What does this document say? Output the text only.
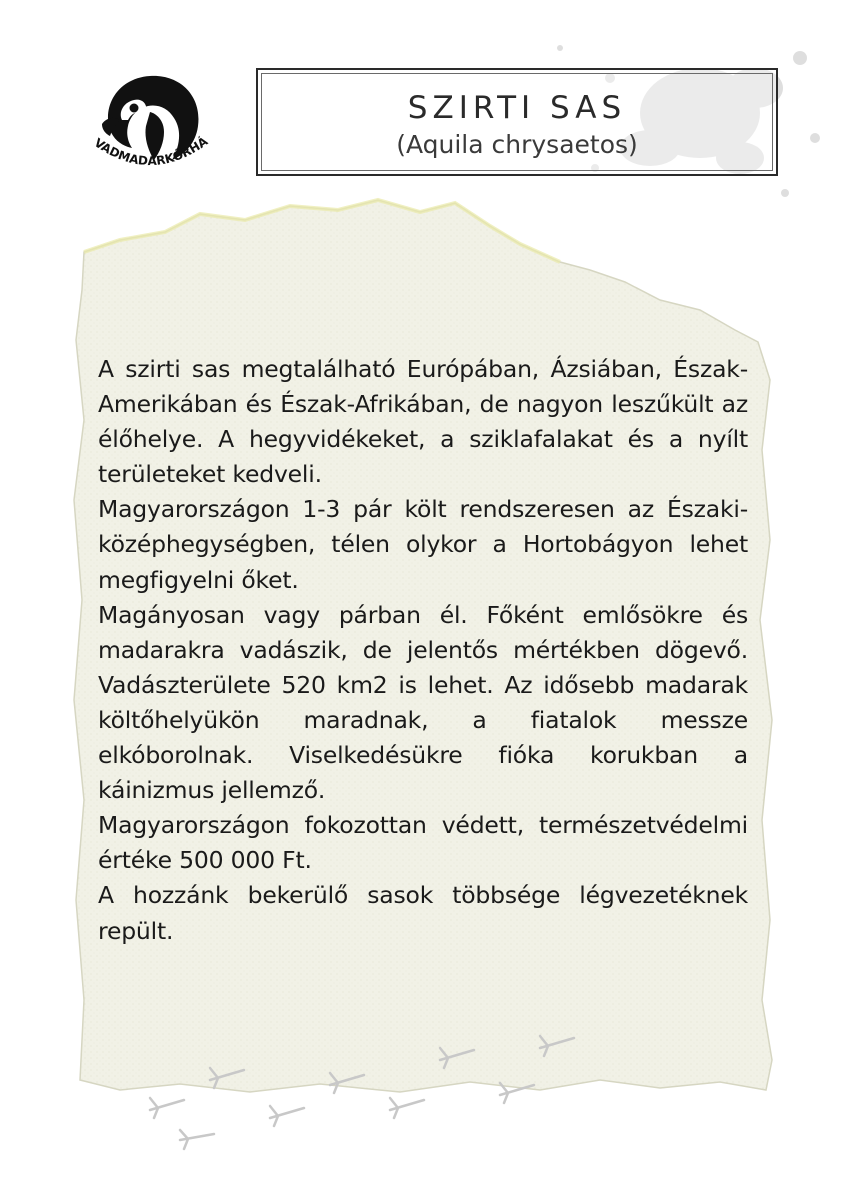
VADMADÁRKÓRHÁZ
SZIRTI SAS
(Aquila chrysaetos)

A szirti sas megtalálható Európában, Ázsiában, Észak-Amerikában és Észak-Afrikában, de nagyon leszűkült az élőhelye. A hegyvidékeket, a sziklafalakat és a nyílt területeket kedveli.

Magyarországon 1-3 pár költ rendszeresen az Északi-középhegységben, télen olykor a Hortobágyon lehet megfigyelni őket.

Magányosan vagy párban él. Főként emlősökre és madarakra vadászik, de jelentős mértékben dögevő. Vadászterülete 520 km2 is lehet. Az idősebb madarak költőhelyükön maradnak, a fiatalok messze elkóborolnak. Viselkedésükre fióka korukban a káinizmus jellemző.

Magyarországon fokozottan védett, természetvédelmi értéke 500 000 Ft.

A hozzánk bekerülő sasok többsége légvezetéknek repült.
